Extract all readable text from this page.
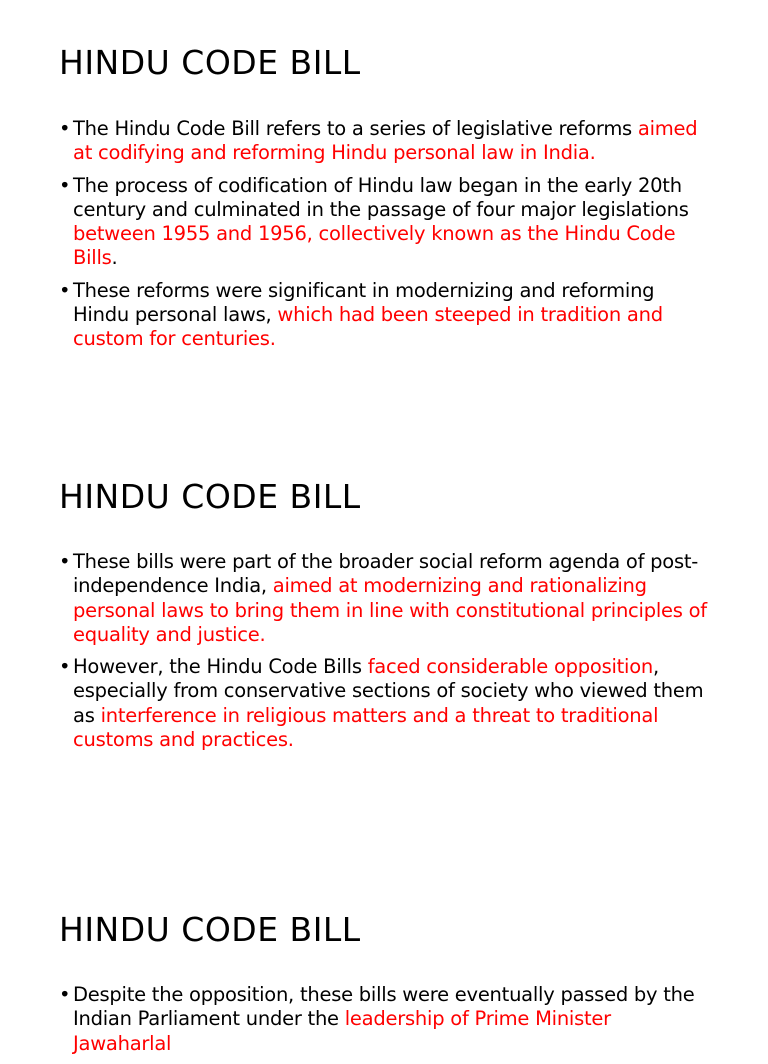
HINDU CODE BILL
• The Hindu Code Bill refers to a series of legislative reforms aimed at codifying and reforming Hindu personal law in India.
• The process of codification of Hindu law began in the early 20th century and culminated in the passage of four major legislations between 1955 and 1956, collectively known as the Hindu Code Bills.
• These reforms were significant in modernizing and reforming Hindu personal laws, which had been steeped in tradition and custom for centuries.
HINDU CODE BILL
• These bills were part of the broader social reform agenda of post-independence India, aimed at modernizing and rationalizing personal laws to bring them in line with constitutional principles of equality and justice.
• However, the Hindu Code Bills faced considerable opposition, especially from conservative sections of society who viewed them as interference in religious matters and a threat to traditional customs and practices.
HINDU CODE BILL
• Despite the opposition, these bills were eventually passed by the Indian Parliament under the leadership of Prime Minister Jawaharlal
